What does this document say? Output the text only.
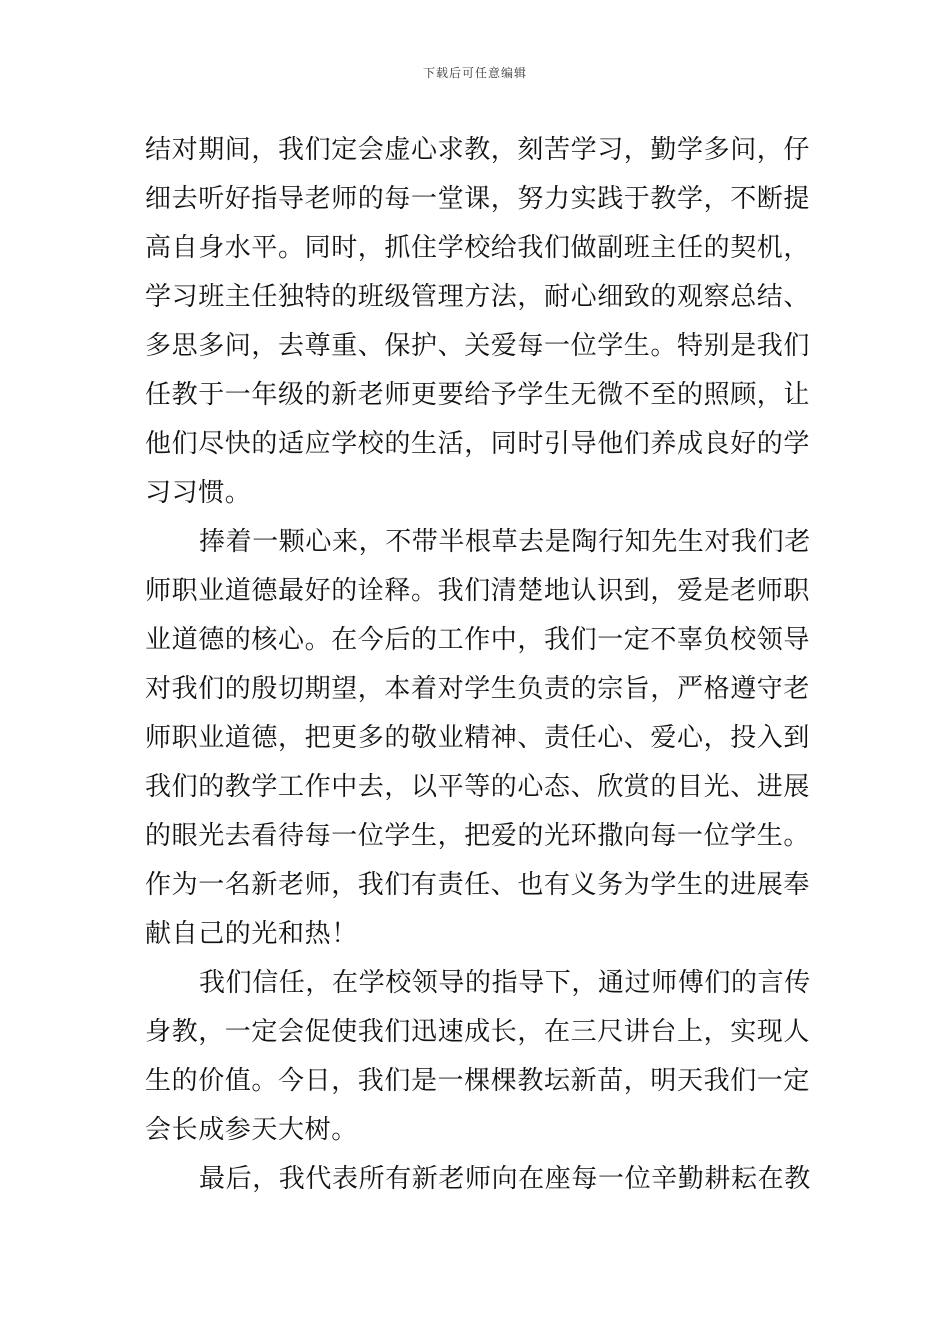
下载后可任意编辑
结对期间，我们定会虚心求教，刻苦学习，勤学多问，仔
细去听好指导老师的每一堂课，努力实践于教学，不断提
高自身水平。同时，抓住学校给我们做副班主任的契机，
学习班主任独特的班级管理方法，耐心细致的观察总结、
多思多问，去尊重、保护、关爱每一位学生。特别是我们
任教于一年级的新老师更要给予学生无微不至的照顾，让
他们尽快的适应学校的生活，同时引导他们养成良好的学
习习惯。
捧着一颗心来，不带半根草去是陶行知先生对我们老
师职业道德最好的诠释。我们清楚地认识到，爱是老师职
业道德的核心。在今后的工作中，我们一定不辜负校领导
对我们的殷切期望，本着对学生负责的宗旨，严格遵守老
师职业道德，把更多的敬业精神、责任心、爱心，投入到
我们的教学工作中去，以平等的心态、欣赏的目光、进展
的眼光去看待每一位学生，把爱的光环撒向每一位学生。
作为一名新老师，我们有责任、也有义务为学生的进展奉
献自己的光和热！
我们信任，在学校领导的指导下，通过师傅们的言传
身教，一定会促使我们迅速成长，在三尺讲台上，实现人
生的价值。今日，我们是一棵棵教坛新苗，明天我们一定
会长成参天大树。
最后，我代表所有新老师向在座每一位辛勤耕耘在教
